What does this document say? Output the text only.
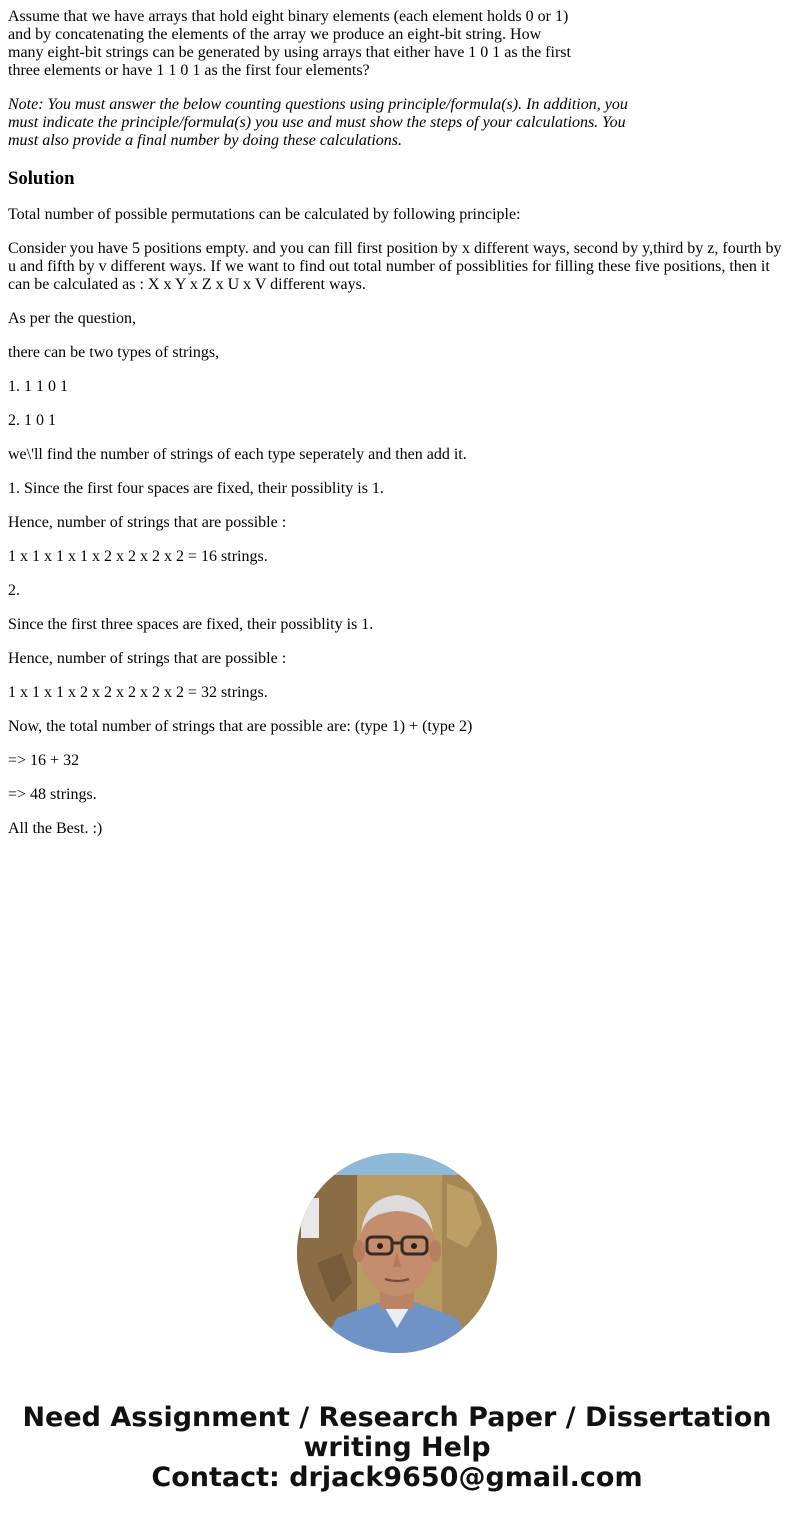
Assume that we have arrays that hold eight binary elements (each element holds 0 or 1) and by concatenating the elements of the array we produce an eight-bit string. How many eight-bit strings can be generated by using arrays that either have 1 0 1 as the first three elements or have 1 1 0 1 as the first four elements?

Note: You must answer the below counting questions using principle/formula(s). In addition, you must indicate the principle/formula(s) you use and must show the steps of your calculations. You must also provide a final number by doing these calculations.

Solution

Total number of possible permutations can be calculated by following principle:

Consider you have 5 positions empty. and you can fill first position by x different ways, second by y,third by z, fourth by u and fifth by v different ways. If we want to find out total number of possiblities for filling these five positions, then it can be calculated as : X x Y x Z x U x V different ways.

As per the question,

there can be two types of strings,

1. 1 1 0 1

2. 1 0 1

we\'ll find the number of strings of each type seperately and then add it.

1. Since the first four spaces are fixed, their possiblity is 1.

Hence, number of strings that are possible :

1 x 1 x 1 x 1 x 2 x 2 x 2 x 2 = 16 strings.

2.

Since the first three spaces are fixed, their possiblity is 1.

Hence, number of strings that are possible :

1 x 1 x 1 x 2 x 2 x 2 x 2 x 2 = 32 strings.

Now, the total number of strings that are possible are: (type 1) + (type 2)

=> 16 + 32

=> 48 strings.

All the Best. :)

Need Assignment / Research Paper / Dissertation
writing Help
Contact: drjack9650@gmail.com
